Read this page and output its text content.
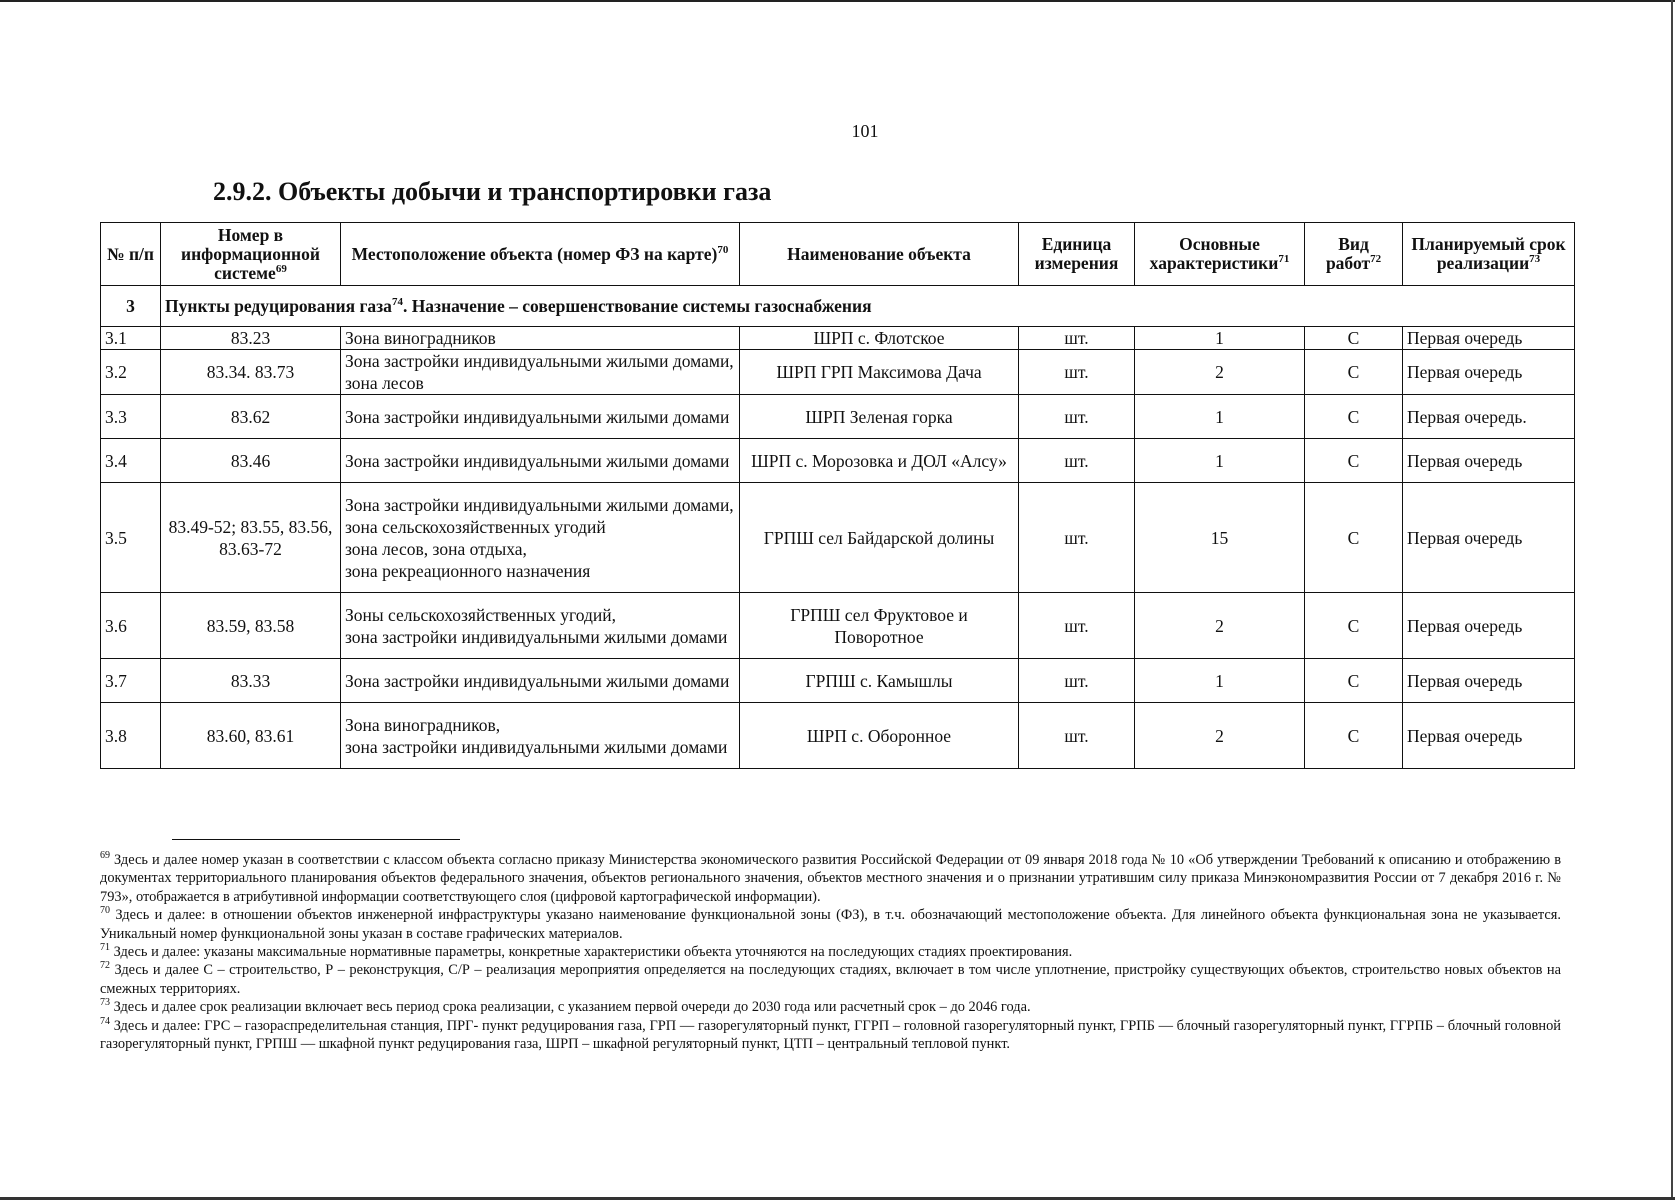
101
2.9.2. Объекты добычи и транспортировки газа
№ п/п	Номер в информационной системе$^{69}$	Местоположение объекта (номер ФЗ на карте)$^{70}$	Наименование объекта	Единица измерения	Основные характеристики$^{71}$	Вид работ$^{72}$	Планируемый срок реализации$^{73}$
3	Пункты редуцирования газа$^{74}$. Назначение – совершенствование системы газоснабжения						
3.1	83.23	Зона виноградников	ШРП с. Флотское	шт.	1	С	Первая очередь
3.2	83.34. 83.73	Зона застройки индивидуальными жилыми домами, зона лесов	ШРП ГРП Максимова Дача	шт.	2	С	Первая очередь
3.3	83.62	Зона застройки индивидуальными жилыми домами	ШРП Зеленая горка	шт.	1	С	Первая очередь.
3.4	83.46	Зона застройки индивидуальными жилыми домами	ШРП с. Морозовка и ДОЛ «Алсу»	шт.	1	С	Первая очередь
3.5	83.49-52; 83.55, 83.56, 83.63-72	Зона застройки индивидуальными жилыми домами,
зона сельскохозяйственных угодий
зона лесов, зона отдыха,
зона рекреационного назначения	ГРПШ сел Байдарской долины	шт.	15	С	Первая очередь
3.6	83.59, 83.58	Зоны сельскохозяйственных угодий,
зона застройки индивидуальными жилыми домами	ГРПШ сел Фруктовое и Поворотное	шт.	2	С	Первая очередь
3.7	83.33	Зона застройки индивидуальными жилыми домами	ГРПШ с. Камышлы	шт.	1	С	Первая очередь
3.8	83.60, 83.61	Зона виноградников,
зона застройки индивидуальными жилыми домами	ШРП с. Оборонное	шт.	2	С	Первая очередь

$^{69}$ Здесь и далее номер указан в соответствии с классом объекта согласно приказу Министерства экономического развития Российской Федерации от 09 января 2018 года № 10 «Об утверждении Требований к описанию и отображению в документах территориального планирования объектов федерального значения, объектов регионального значения, объектов местного значения и о признании утратившим силу приказа Минэкономразвития России от 7 декабря 2016 г. № 793», отображается в атрибутивной информации соответствующего слоя (цифровой картографической информации).

$^{70}$ Здесь и далее: в отношении объектов инженерной инфраструктуры указано наименование функциональной зоны (ФЗ), в т.ч. обозначающий местоположение объекта. Для линейного объекта функциональная зона не указывается. Уникальный номер функциональной зоны указан в составе графических материалов.

$^{71}$ Здесь и далее: указаны максимальные нормативные параметры, конкретные характеристики объекта уточняются на последующих стадиях проектирования.

$^{72}$ Здесь и далее С – строительство, Р – реконструкция, С/Р – реализация мероприятия определяется на последующих стадиях, включает в том числе уплотнение, пристройку существующих объектов, строительство новых объектов на смежных территориях.

$^{73}$ Здесь и далее срок реализации включает весь период срока реализации, с указанием первой очереди до 2030 года или расчетный срок – до 2046 года.

$^{74}$ Здесь и далее: ГРС – газораспределительная станция, ПРГ- пункт редуцирования газа, ГРП — газорегуляторный пункт, ГГРП – головной газорегуляторный пункт, ГРПБ — блочный газорегуляторный пункт, ГГРПБ – блочный головной газорегуляторный пункт, ГРПШ — шкафной пункт редуцирования газа, ШРП – шкафной регуляторный пункт, ЦТП – центральный тепловой пункт.
